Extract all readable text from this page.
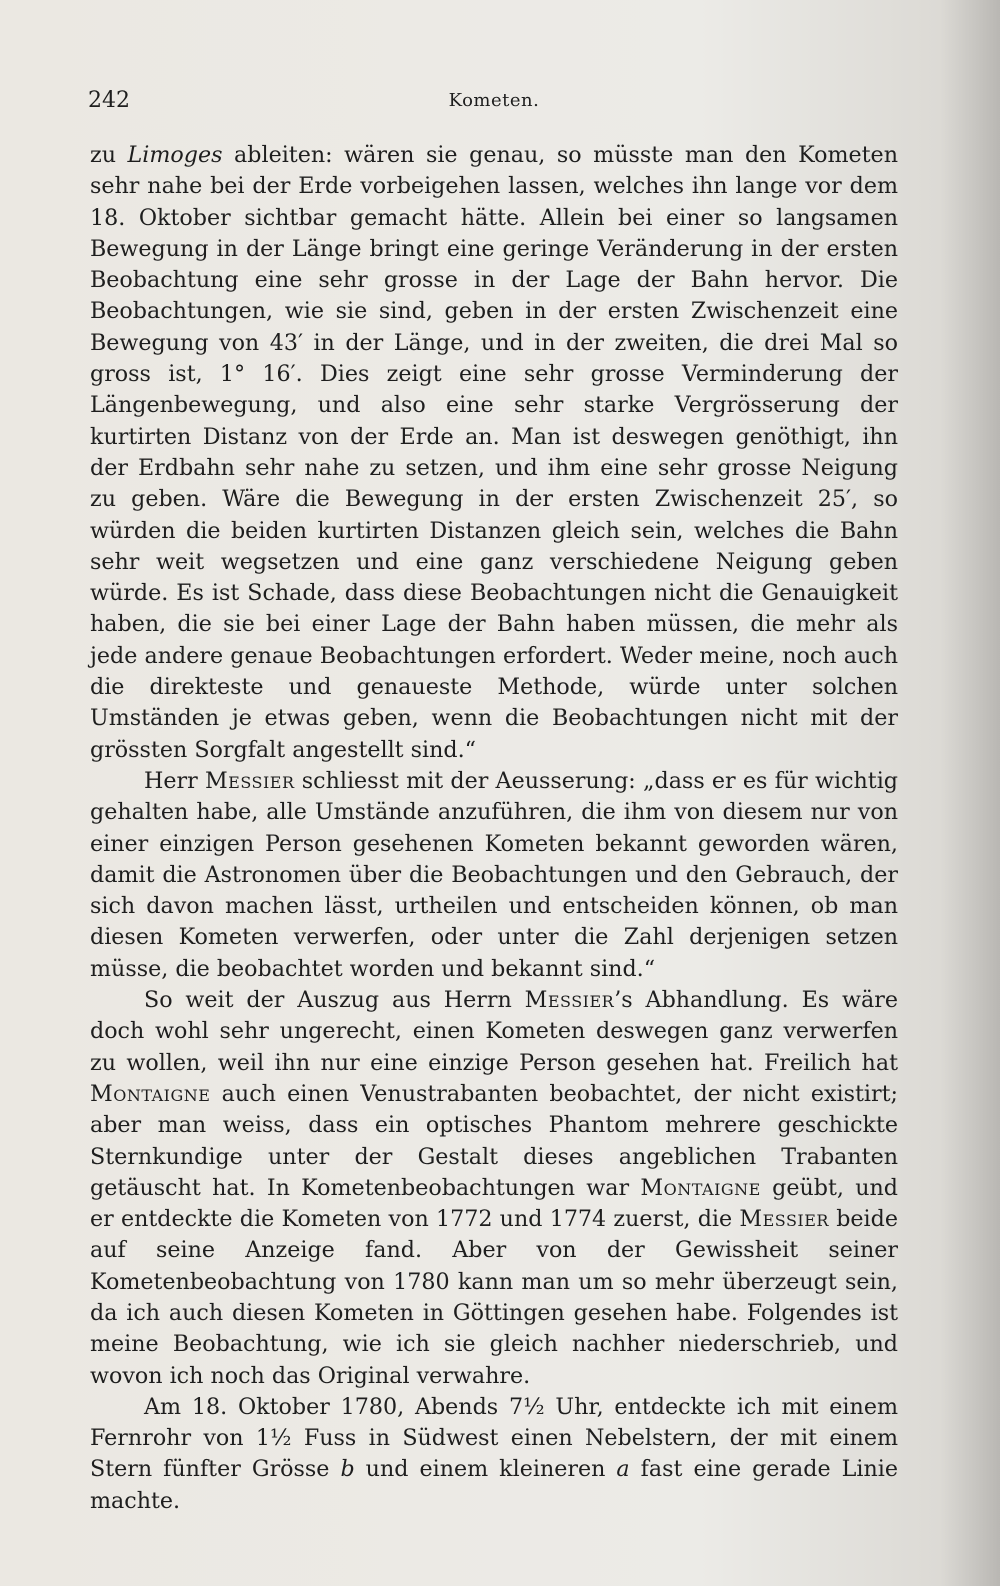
242	Kometen.

zu Limoges ableiten: wären sie genau, so müsste man den Kometen sehr nahe bei der Erde vorbeigehen lassen, welches ihn lange vor dem 18. Oktober sichtbar gemacht hätte. Allein bei einer so langsamen Bewegung in der Länge bringt eine geringe Veränderung in der ersten Beobachtung eine sehr grosse in der Lage der Bahn hervor. Die Beobachtungen, wie sie sind, geben in der ersten Zwischenzeit eine Bewegung von 43′ in der Länge, und in der zweiten, die drei Mal so gross ist, 1° 16′. Dies zeigt eine sehr grosse Verminderung der Längenbewegung, und also eine sehr starke Vergrösserung der kurtirten Distanz von der Erde an. Man ist deswegen genöthigt, ihn der Erdbahn sehr nahe zu setzen, und ihm eine sehr grosse Neigung zu geben. Wäre die Bewegung in der ersten Zwischenzeit 25′, so würden die beiden kurtirten Distanzen gleich sein, welches die Bahn sehr weit wegsetzen und eine ganz verschiedene Neigung geben würde. Es ist Schade, dass diese Beobachtungen nicht die Genauigkeit haben, die sie bei einer Lage der Bahn haben müssen, die mehr als jede andere genaue Beobachtungen erfordert. Weder meine, noch auch die direkteste und genaueste Methode, würde unter solchen Umständen je etwas geben, wenn die Beobachtungen nicht mit der grössten Sorgfalt angestellt sind.“

Herr Messier schliesst mit der Aeusserung: „dass er es für wichtig gehalten habe, alle Umstände anzuführen, die ihm von diesem nur von einer einzigen Person gesehenen Kometen bekannt geworden wären, damit die Astronomen über die Beobachtungen und den Gebrauch, der sich davon machen lässt, urtheilen und entscheiden können, ob man diesen Kometen verwerfen, oder unter die Zahl derjenigen setzen müsse, die beobachtet worden und bekannt sind.“

So weit der Auszug aus Herrn Messier’s Abhandlung. Es wäre doch wohl sehr ungerecht, einen Kometen deswegen ganz verwerfen zu wollen, weil ihn nur eine einzige Person gesehen hat. Freilich hat Montaigne auch einen Venustrabanten beobachtet, der nicht existirt; aber man weiss, dass ein optisches Phantom mehrere geschickte Sternkundige unter der Gestalt dieses angeblichen Trabanten getäuscht hat. In Kometenbeobachtungen war Montaigne geübt, und er entdeckte die Kometen von 1772 und 1774 zuerst, die Messier beide auf seine Anzeige fand. Aber von der Gewissheit seiner Kometenbeobachtung von 1780 kann man um so mehr überzeugt sein, da ich auch diesen Kometen in Göttingen gesehen habe. Folgendes ist meine Beobachtung, wie ich sie gleich nachher niederschrieb, und wovon ich noch das Original verwahre.

Am 18. Oktober 1780, Abends 7½ Uhr, entdeckte ich mit einem Fernrohr von 1½ Fuss in Südwest einen Nebelstern, der mit einem Stern fünfter Grösse b und einem kleineren a fast eine gerade Linie machte.
